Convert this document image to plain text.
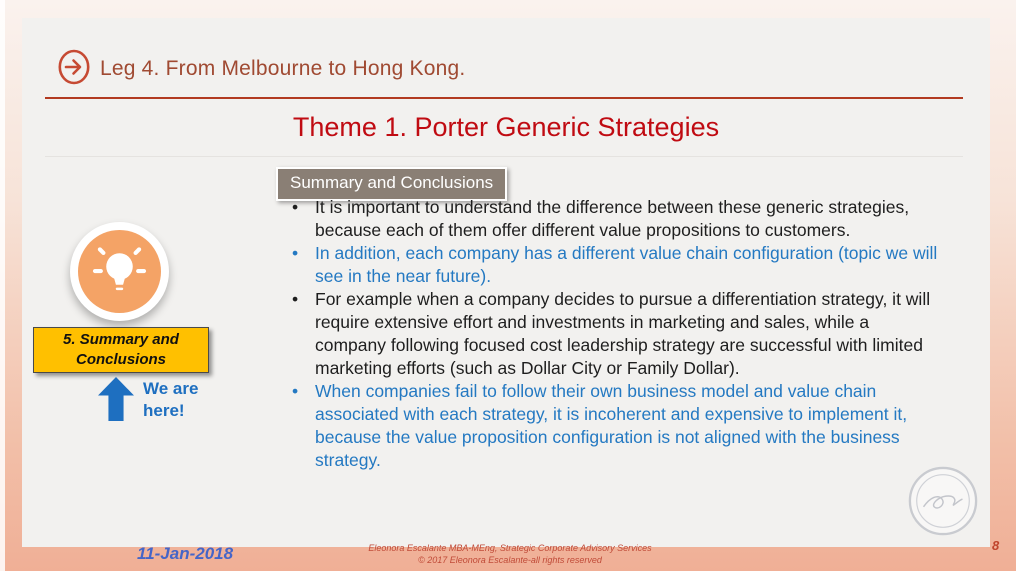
Leg 4. From Melbourne to Hong Kong.
Theme 1. Porter Generic Strategies
Summary and Conclusions
• It is important to understand the difference between these generic strategies, because each of them offer different value propositions to customers.
• In addition, each company has a different value chain configuration (topic we will see in the near future).
• For example when a company decides to pursue a differentiation strategy, it will require extensive effort and investments in marketing and sales, while a company following focused cost leadership strategy are successful with limited marketing efforts (such as Dollar City or Family Dollar).
• When companies fail to follow their own business model and value chain associated with each strategy, it is incoherent and expensive to implement it, because the value proposition configuration is not aligned with the business strategy.
5. Summary and Conclusions
We are here!
11-Jan-2018	Eleonora Escalante MBA-MEng, Strategic Corporate Advisory Services
© 2017 Eleonora Escalante-all rights reserved
8
